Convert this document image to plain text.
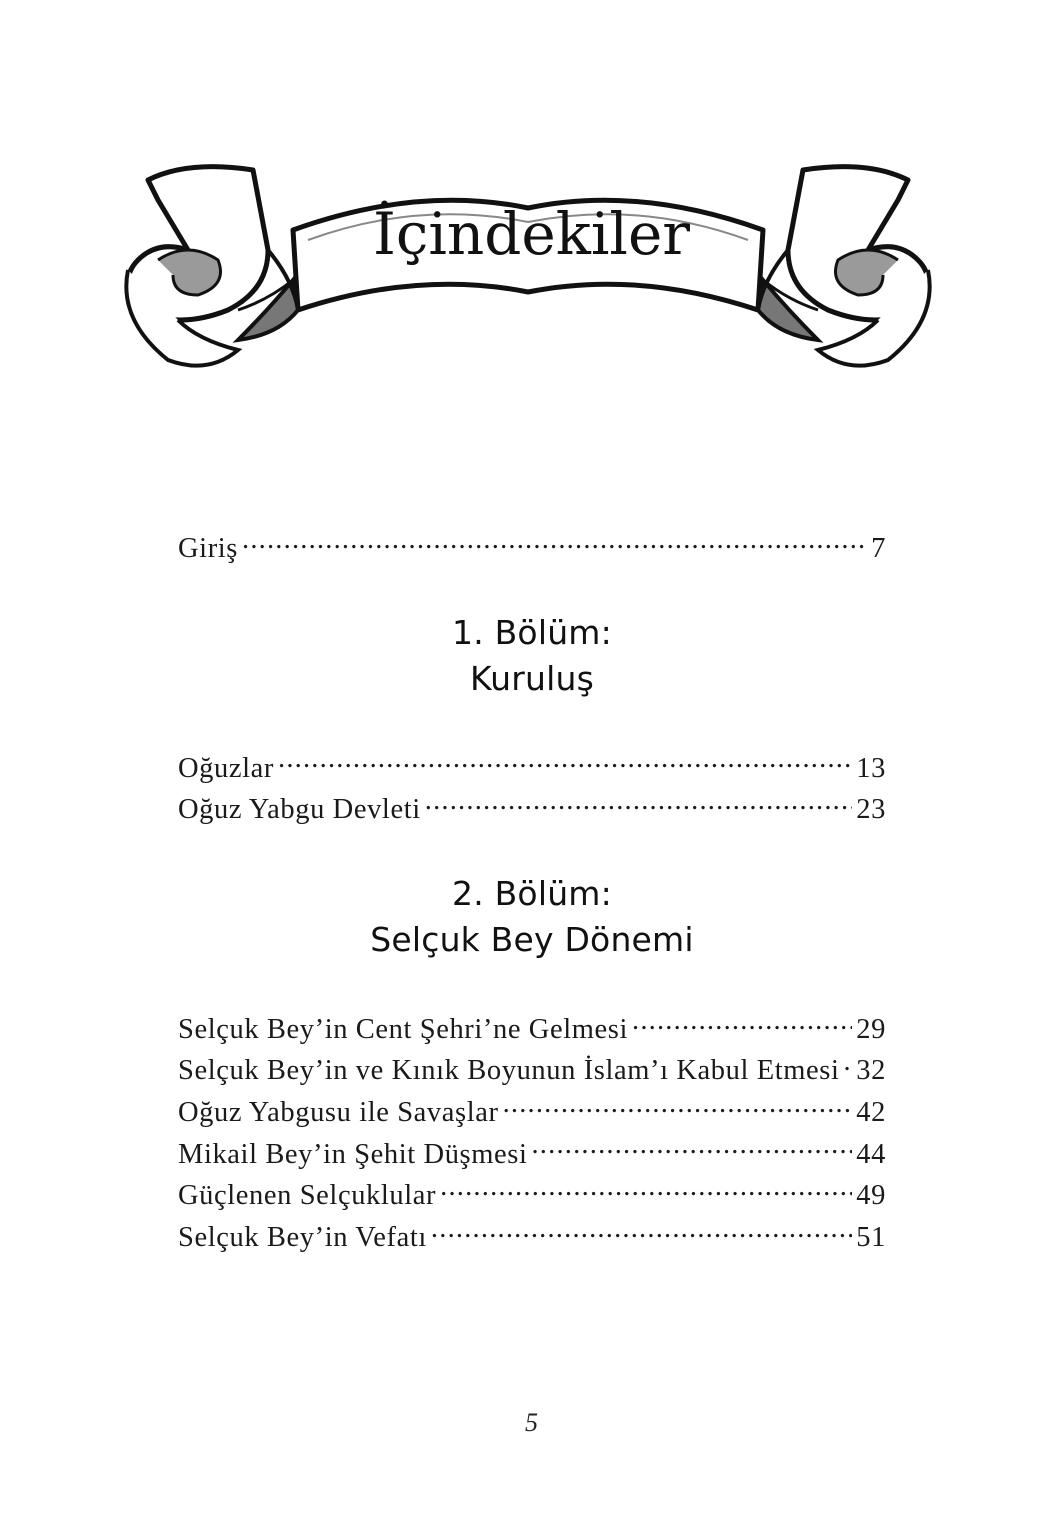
İçindekiler
Giriş .....	7
1. Bölüm:
Kuruluş
Oğuzlar .....	13
Oğuz Yabgu Devleti .....	23
2. Bölüm:
Selçuk Bey Dönemi
Selçuk Bey’in Cent Şehri’ne Gelmesi .....	29
Selçuk Bey’in ve Kınık Boyunun İslam’ı Kabul Etmesi ..... 32
Oğuz Yabgusu ile Savaşlar .....	42
Mikail Bey’in Şehit Düşmesi .....	44
Güçlenen Selçuklular .....	49
Selçuk Bey’in Vefatı .....	51
5
